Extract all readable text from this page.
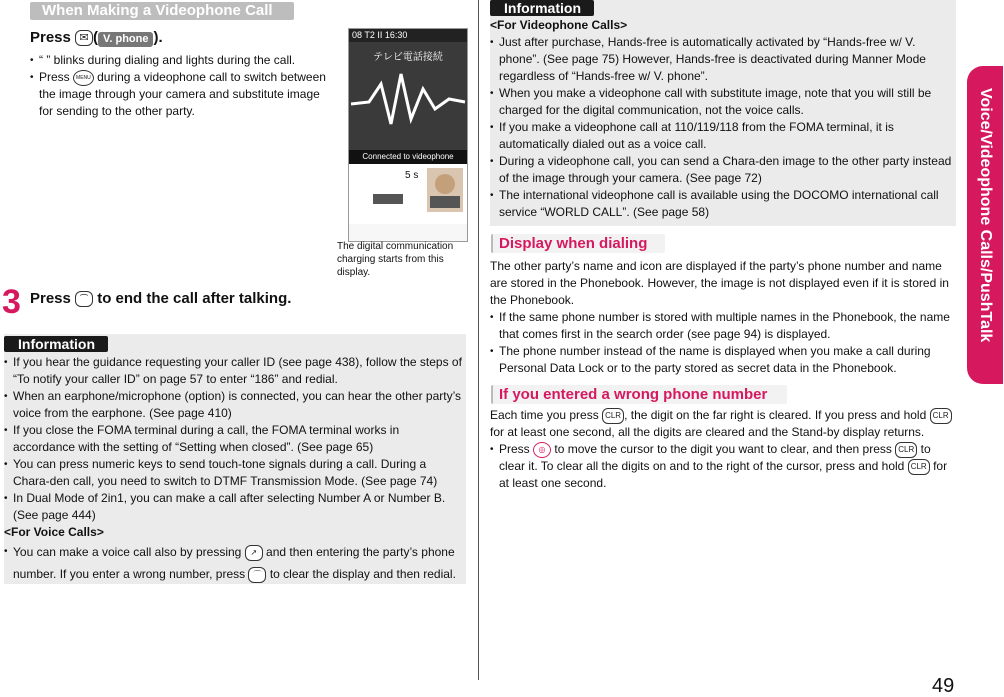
When Making a Videophone Call
Press ✉ ( V. phone ).
• “ ” blinks during dialing and lights during the call.
• Press MENU during a videophone call to switch between the image through your camera and substitute image for sending to the other party.
08 T2 II 16:30
テレビ電話接続
Connected to videophone
5 s
The digital communication charging starts from this display.
3 Press ⌒ to end the call after talking.
Information
• If you hear the guidance requesting your caller ID (see page 438), follow the steps of “To notify your caller ID” on page 57 to enter “186” and redial.
• When an earphone/microphone (option) is connected, you can hear the other party’s voice from the earphone. (See page 410)
• If you close the FOMA terminal during a call, the FOMA terminal works in accordance with the setting of “Setting when closed”. (See page 65)
• You can press numeric keys to send touch-tone signals during a call. During a Chara-den call, you need to switch to DTMF Transmission Mode. (See page 74)
• In Dual Mode of 2in1, you can make a call after selecting Number A or Number B. (See page 444)
<For Voice Calls>
• You can make a voice call also by pressing ↗ and then entering the party’s phone number. If you enter a wrong number, press ⌒ to clear the display and then redial.
Information
<For Videophone Calls>
• Just after purchase, Hands-free is automatically activated by “Hands-free w/ V. phone”. (See page 75) However, Hands-free is deactivated during Manner Mode regardless of “Hands-free w/ V. phone”.
• When you make a videophone call with substitute image, note that you will still be charged for the digital communication, not the voice calls.
• If you make a videophone call at 110/119/118 from the FOMA terminal, it is automatically dialed out as a voice call.
• During a videophone call, you can send a Chara-den image to the other party instead of the image through your camera. (See page 72)
• The international videophone call is available using the DOCOMO international call service “WORLD CALL”. (See page 58)
Display when dialing
The other party’s name and icon are displayed if the party’s phone number and name are stored in the Phonebook. However, the image is not displayed even if it is stored in the Phonebook.
• If the same phone number is stored with multiple names in the Phonebook, the name that comes first in the search order (see page 94) is displayed.
• The phone number instead of the name is displayed when you make a call during Personal Data Lock or to the party stored as secret data in the Phonebook.
If you entered a wrong phone number
Each time you press CLR , the digit on the far right is cleared. If you press and hold CLR for at least one second, all the digits are cleared and the Stand-by display returns.
• Press ◎ to move the cursor to the digit you want to clear, and then press CLR to clear it. To clear all the digits on and to the right of the cursor, press and hold CLR for at least one second.
Voice/Videophone Calls/PushTalk
49
